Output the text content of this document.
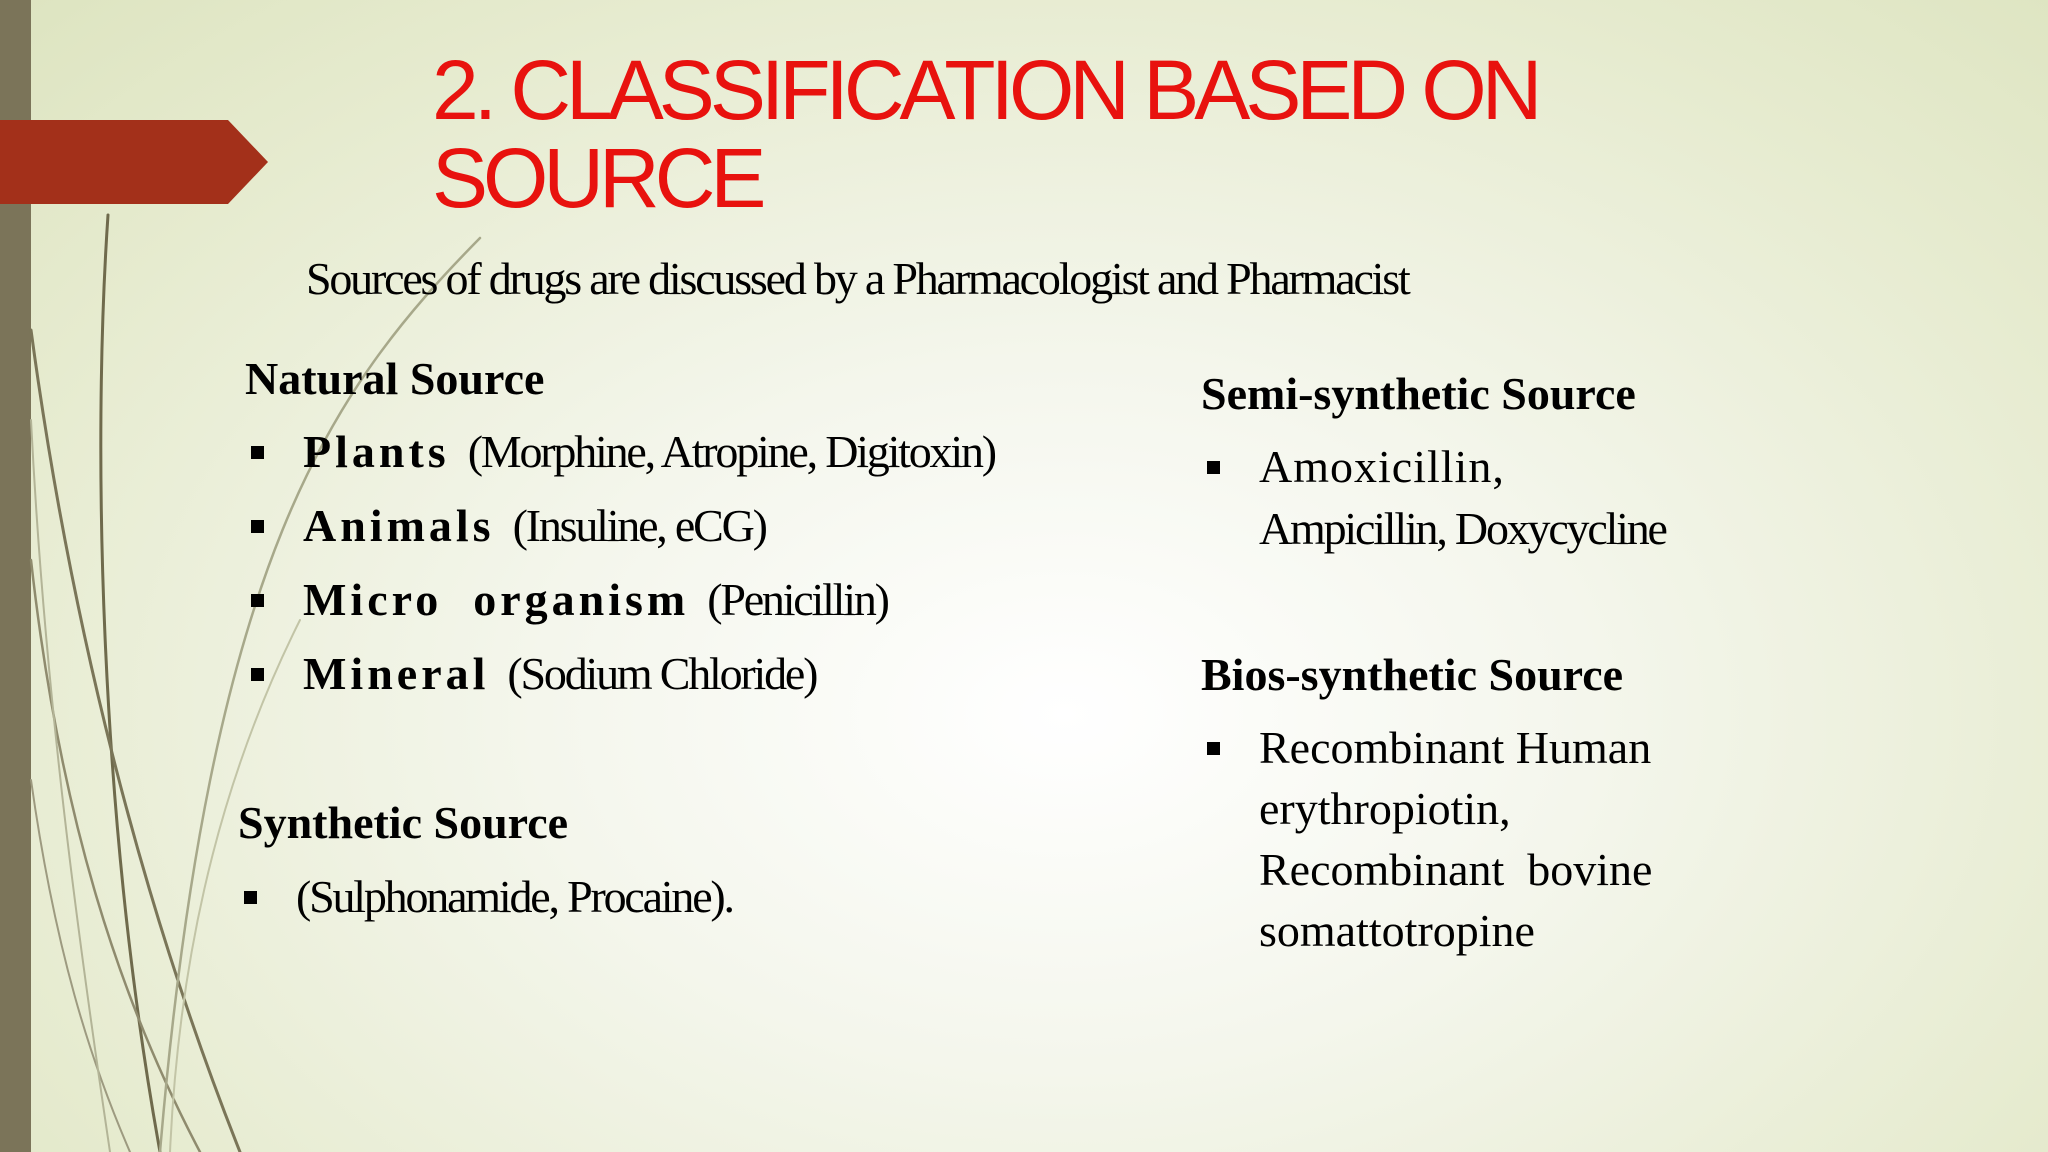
2. CLASSIFICATION BASED ON
SOURCE
Sources of drugs are discussed by a Pharmacologist and Pharmacist
Natural Source
Plants (Morphine, Atropine, Digitoxin)
Animals (Insuline, eCG)
Micro  organism (Penicillin)
Mineral (Sodium Chloride)
Synthetic Source
(Sulphonamide, Procaine).
Semi-synthetic Source
Amoxicillin,
Ampicillin, Doxycycline
Bios-synthetic Source
Recombinant Human
erythropiotin,
Recombinant  bovine
somattotropine
